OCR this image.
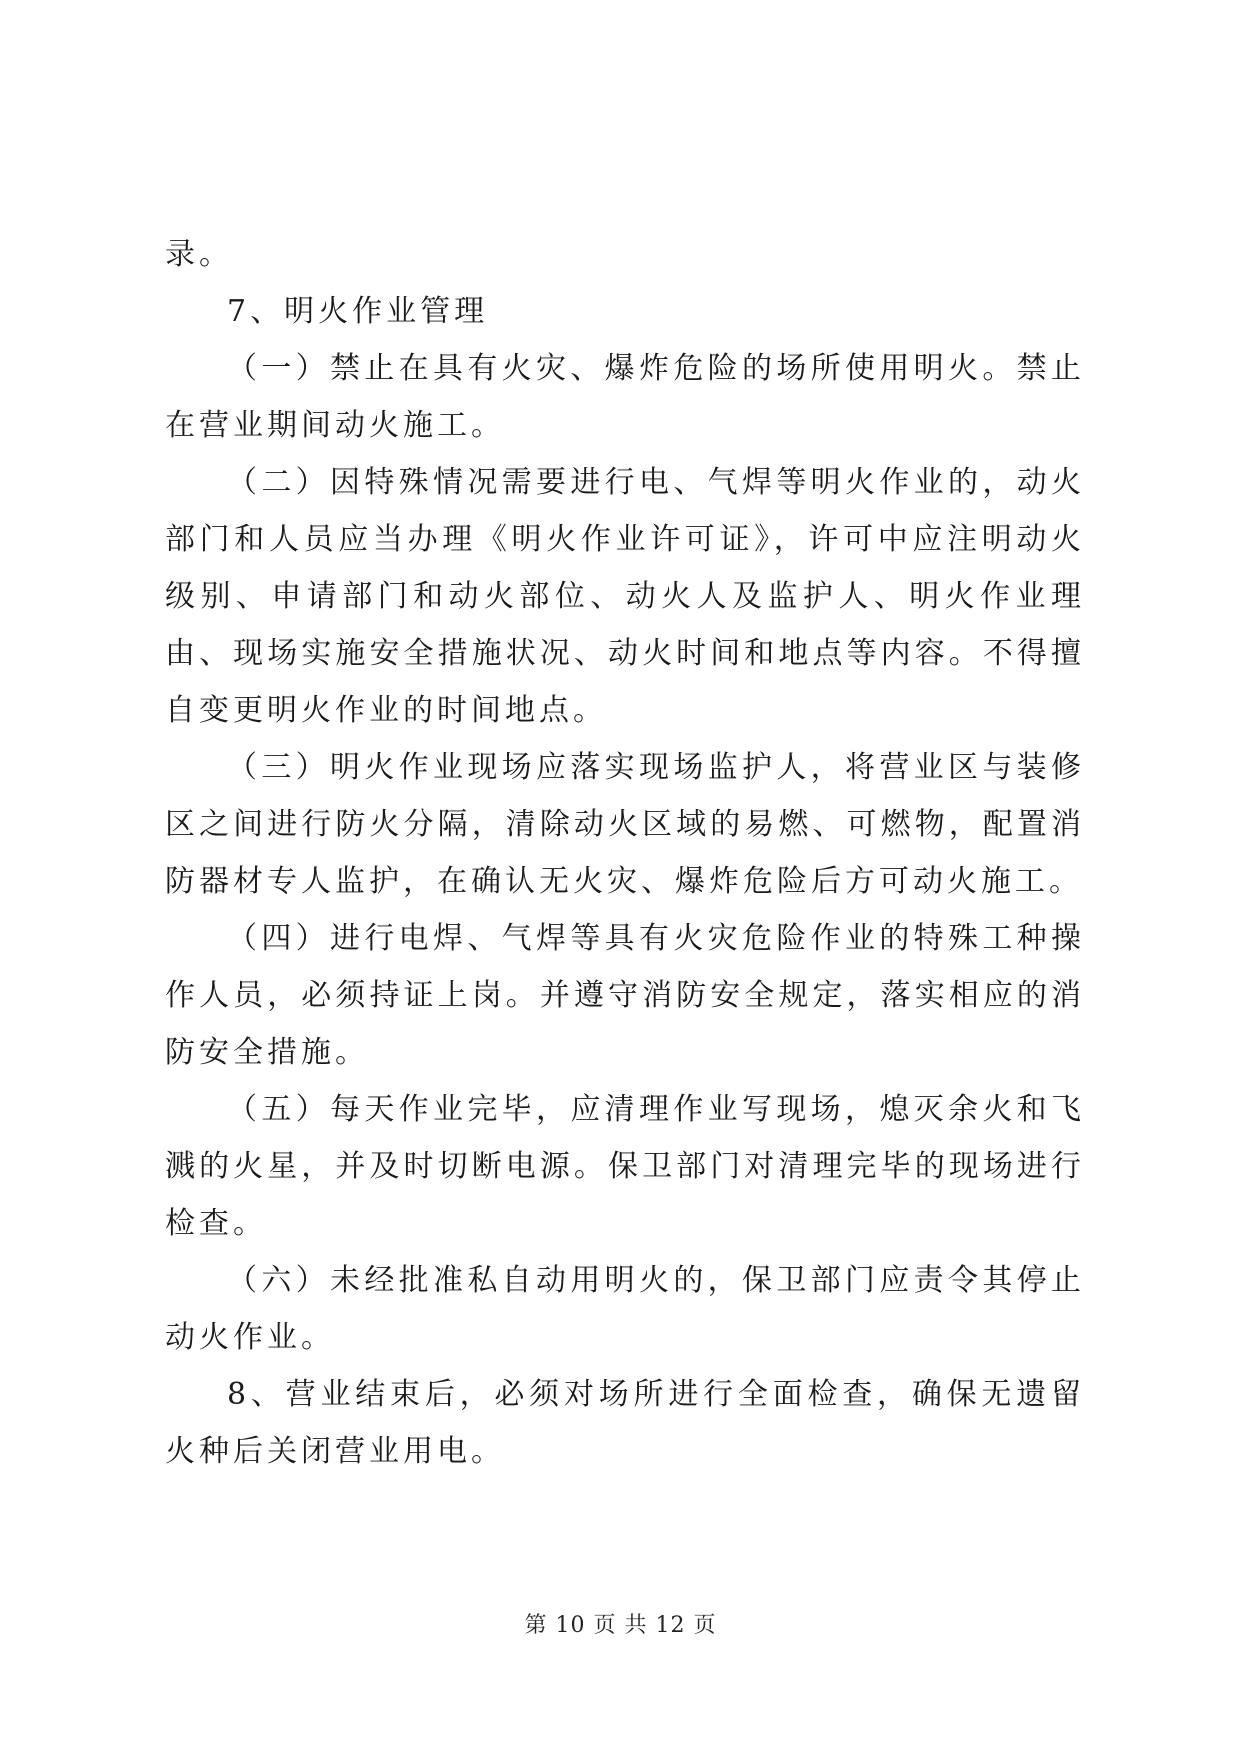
录。

7、明火作业管理

（一）禁止在具有火灾、爆炸危险的场所使用明火。禁止在营业期间动火施工。

（二）因特殊情况需要进行电、气焊等明火作业的，动火部门和人员应当办理《明火作业许可证》，许可中应注明动火级别、申请部门和动火部位、动火人及监护人、明火作业理由、现场实施安全措施状况、动火时间和地点等内容。不得擅自变更明火作业的时间地点。

（三）明火作业现场应落实现场监护人，将营业区与装修区之间进行防火分隔，清除动火区域的易燃、可燃物，配置消防器材专人监护，在确认无火灾、爆炸危险后方可动火施工。

（四）进行电焊、气焊等具有火灾危险作业的特殊工种操作人员，必须持证上岗。并遵守消防安全规定，落实相应的消防安全措施。

（五）每天作业完毕，应清理作业写现场，熄灭余火和飞溅的火星，并及时切断电源。保卫部门对清理完毕的现场进行检查。

（六）未经批准私自动用明火的，保卫部门应责令其停止动火作业。

8、营业结束后，必须对场所进行全面检查，确保无遗留火种后关闭营业用电。

第 10 页 共 12 页
